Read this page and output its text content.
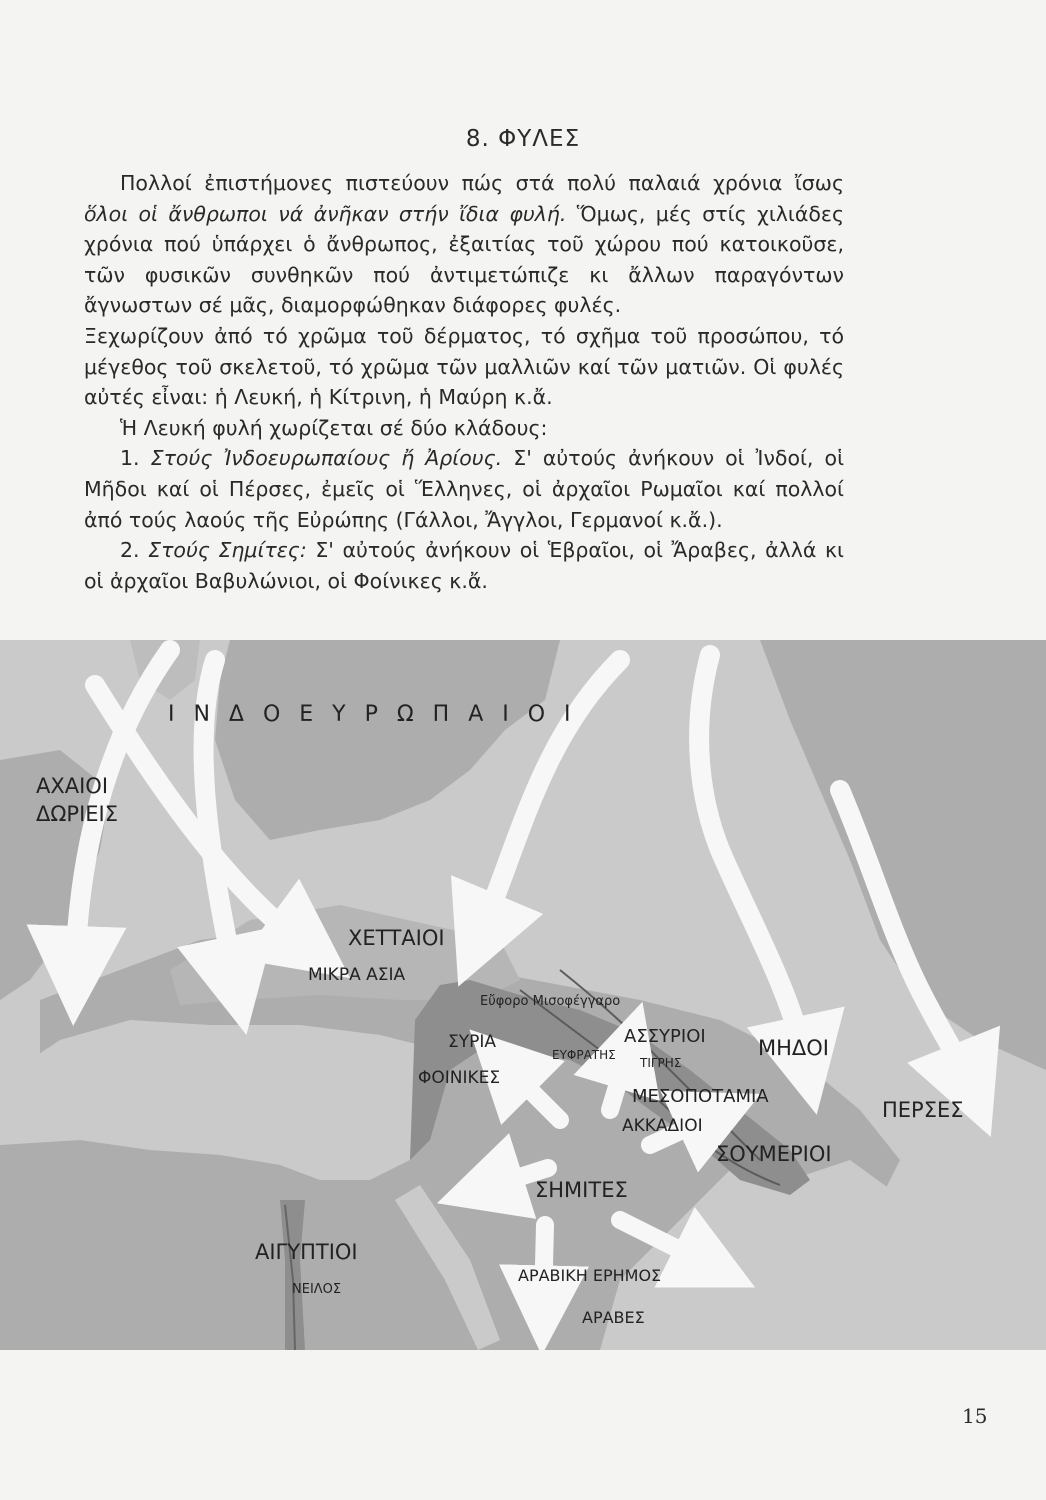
8. ΦΥΛΕΣ

Πολλοί ἐπιστήμονες πιστεύουν πώς στά πολύ παλαιά χρόνια ἴσως ὅλοι οἱ ἄνθρωποι νά ἀνῆκαν στήν ἴδια φυλή. Ὅμως, μές στίς χιλιάδες χρόνια πού ὑπάρχει ὁ ἄνθρωπος, ἐξαιτίας τοῦ χώρου πού κατοικοῦσε, τῶν φυσικῶν συνθηκῶν πού ἀντιμετώπιζε κι ἄλλων παραγόντων ἄγνωστων σέ μᾶς, διαμορφώθηκαν διάφορες φυλές.

Ξεχωρίζουν ἀπό τό χρῶμα τοῦ δέρματος, τό σχῆμα τοῦ προσώπου, τό μέγεθος τοῦ σκελετοῦ, τό χρῶμα τῶν μαλλιῶν καί τῶν ματιῶν. Οἱ φυλές αὐτές εἶναι: ἡ Λευκή, ἡ Κίτρινη, ἡ Μαύρη κ.ἄ.

Ἡ Λευκή φυλή χωρίζεται σέ δύο κλάδους:

1. Στούς Ἰνδοευρωπαίους ἤ Ἀρίους. Σ' αὐτούς ἀνήκουν οἱ Ἰνδοί, οἱ Μῆδοι καί οἱ Πέρσες, ἐμεῖς οἱ Ἕλληνες, οἱ ἀρχαῖοι Ρωμαῖοι καί πολλοί ἀπό τούς λαούς τῆς Εὐρώπης (Γάλλοι, Ἄγγλοι, Γερμανοί κ.ἄ.).

2. Στούς Σημίτες: Σ' αὐτούς ἀνήκουν οἱ Ἑβραῖοι, οἱ Ἄραβες, ἀλλά κι οἱ ἀρχαῖοι Βαβυλώνιοι, οἱ Φοίνικες κ.ἄ.

Ι Ν Δ Ο Ε Υ Ρ Ω Π Α Ι Ο Ι
ΑΧΑΙΟΙ
ΔΩΡΙΕΙΣ
ΧΕΤΤΑΙΟΙ
ΜΙΚΡΑ ΑΣΙΑ
Εὔφορο Μισοφέγγαρο
ΣΥΡΙΑ
ΦΟΙΝΙΚΕΣ
ΕΥΦΡΑΤΗΣ
ΑΣΣΥΡΙΟΙ
ΤΙΓΡΗΣ
ΜΗΔΟΙ
ΜΕΣΟΠΟΤΑΜΙΑ
ΠΕΡΣΕΣ
ΑΚΚΑΔΙΟΙ
ΣΟΥΜΕΡΙΟΙ
ΣΗΜΙΤΕΣ
ΑΙΓΥΠΤΙΟΙ
ΝΕΙΛΟΣ
ΑΡΑΒΙΚΗ ΕΡΗΜΟΣ
ΑΡΑΒΕΣ
15
